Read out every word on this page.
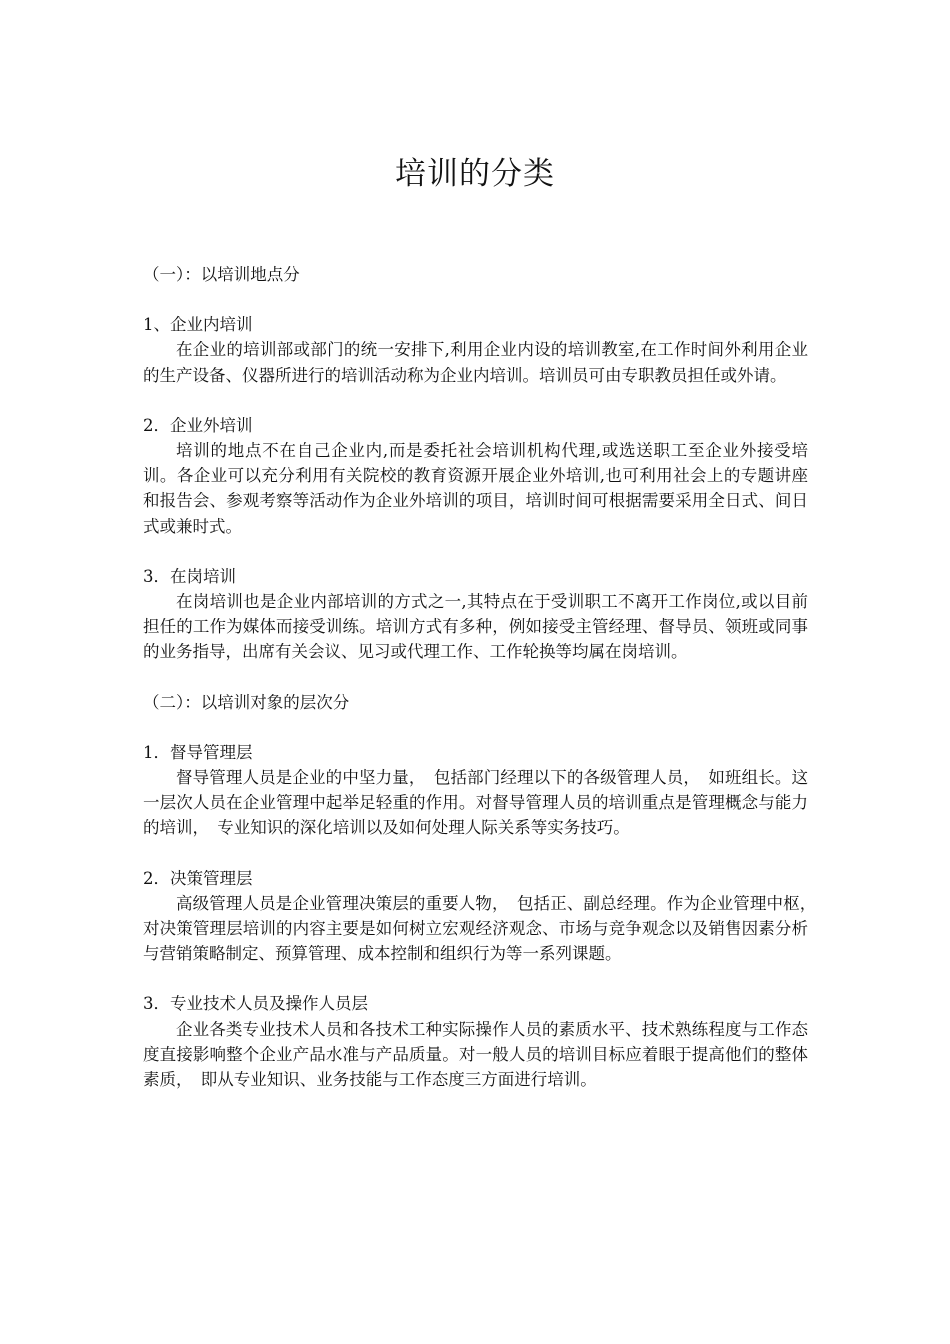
培训的分类

（一）：以培训地点分

1、企业内培训

在企业的培训部或部门的统一安排下,利用企业内设的培训教室,在工作时间外利用企业的生产设备、仪器所进行的培训活动称为企业内培训。培训员可由专职教员担任或外请。

2．企业外培训

培训的地点不在自己企业内,而是委托社会培训机构代理,或选送职工至企业外接受培训。各企业可以充分利用有关院校的教育资源开展企业外培训,也可利用社会上的专题讲座和报告会、参观考察等活动作为企业外培训的项目，培训时间可根据需要采用全日式、间日式或兼时式。

3．在岗培训

在岗培训也是企业内部培训的方式之一,其特点在于受训职工不离开工作岗位,或以目前担任的工作为媒体而接受训练。培训方式有多种，例如接受主管经理、督导员、领班或同事的业务指导，出席有关会议、见习或代理工作、工作轮换等均属在岗培训。

（二）：以培训对象的层次分

1．督导管理层

督导管理人员是企业的中坚力量，　包括部门经理以下的各级管理人员，　如班组长。这一层次人员在企业管理中起举足轻重的作用。对督导管理人员的培训重点是管理概念与能力的培训，　专业知识的深化培训以及如何处理人际关系等实务技巧。

2．决策管理层

高级管理人员是企业管理决策层的重要人物，　包括正、副总经理。作为企业管理中枢，　对决策管理层培训的内容主要是如何树立宏观经济观念、市场与竞争观念以及销售因素分析与营销策略制定、预算管理、成本控制和组织行为等一系列课题。

3．专业技术人员及操作人员层

企业各类专业技术人员和各技术工种实际操作人员的素质水平、技术熟练程度与工作态度直接影响整个企业产品水准与产品质量。对一般人员的培训目标应着眼于提高他们的整体素质，　即从专业知识、业务技能与工作态度三方面进行培训。
